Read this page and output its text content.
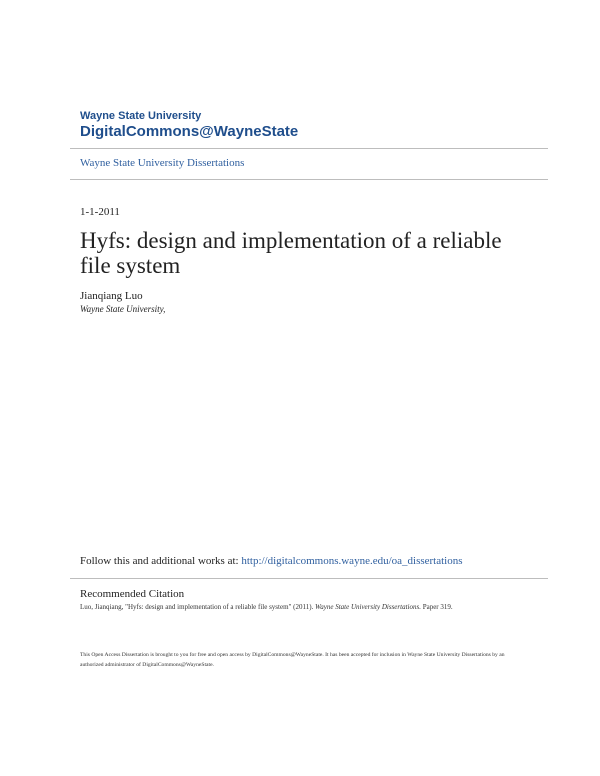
Wayne State University
DigitalCommons@WayneState
Wayne State University Dissertations
1-1-2011
Hyfs: design and implementation of a reliable file system
Jianqiang Luo
Wayne State University,
Follow this and additional works at: http://digitalcommons.wayne.edu/oa_dissertations
Recommended Citation
Luo, Jianqiang, "Hyfs: design and implementation of a reliable file system" (2011). Wayne State University Dissertations. Paper 319.
This Open Access Dissertation is brought to you for free and open access by DigitalCommons@WayneState. It has been accepted for inclusion in Wayne State University Dissertations by an authorized administrator of DigitalCommons@WayneState.
